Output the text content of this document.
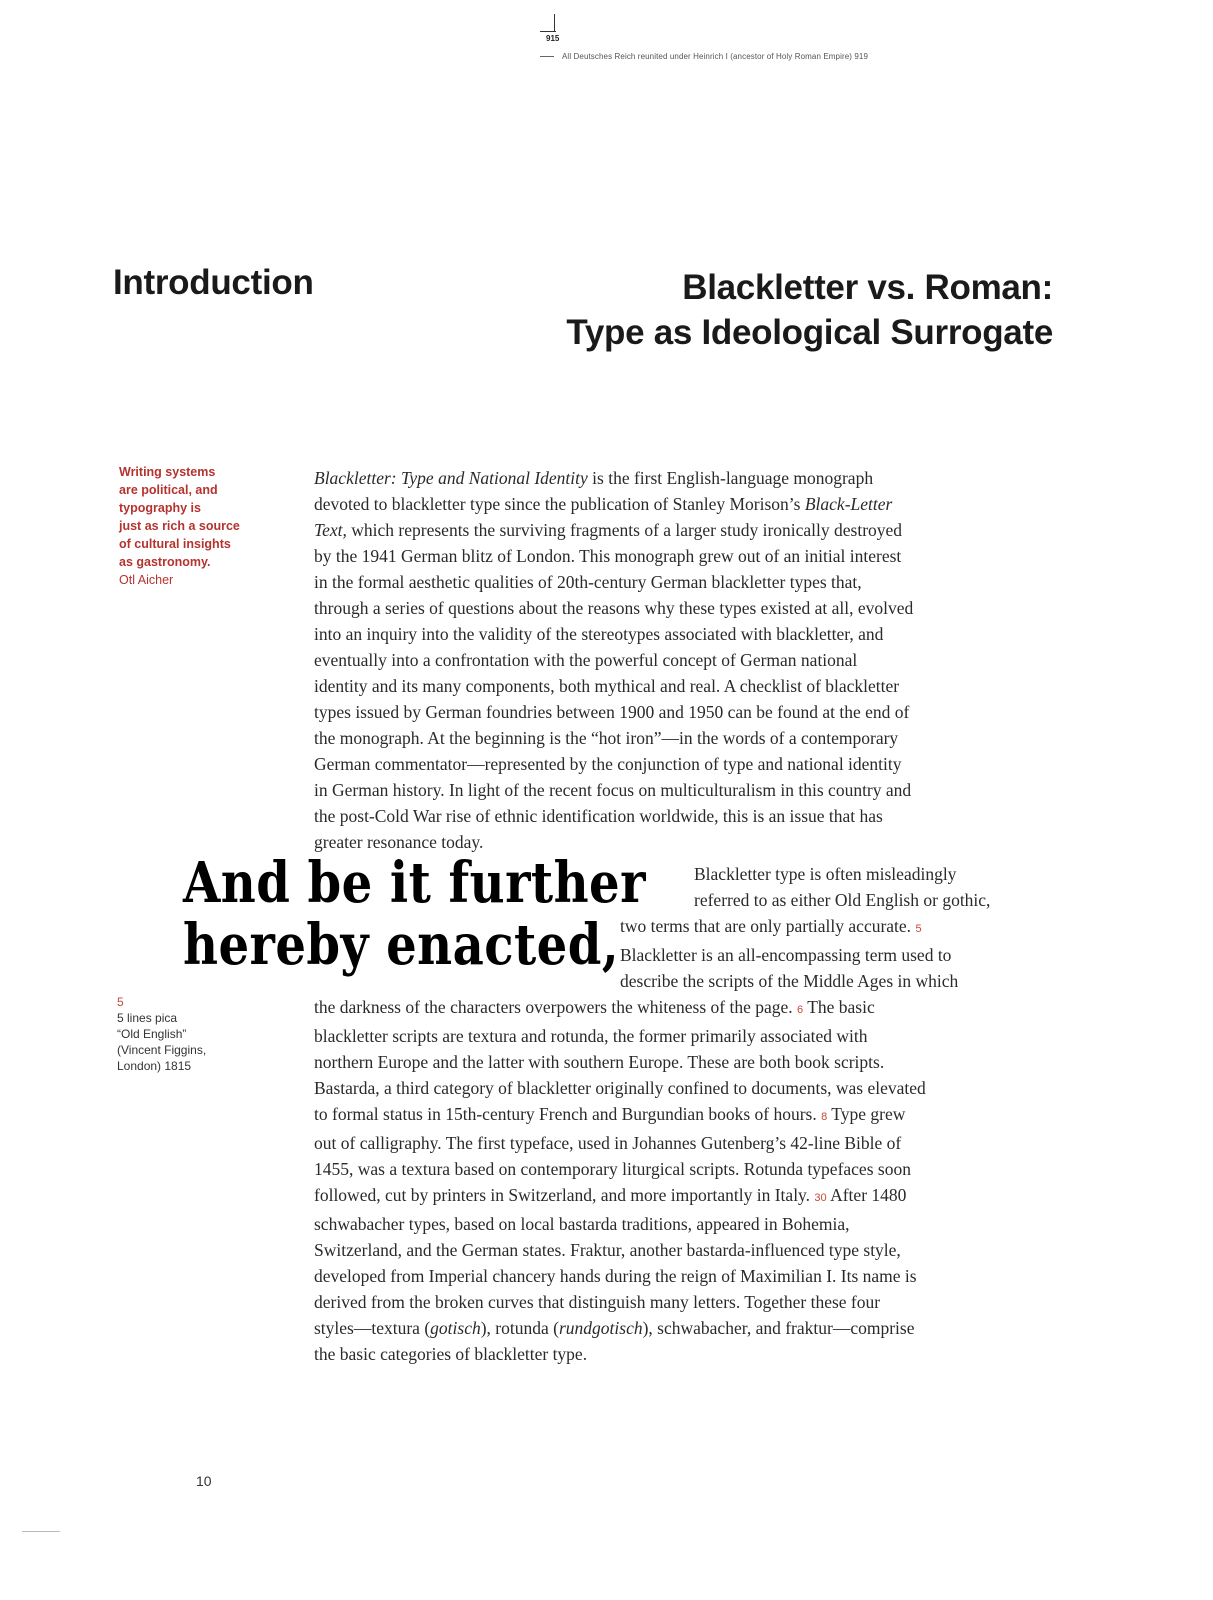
915
All Deutsches Reich reunited under Heinrich I (ancestor of Holy Roman Empire) 919
Introduction	Blackletter vs. Roman:
Type as Ideological Surrogate
Writing systems
are political, and
typography is
just as rich a source
of cultural insights
as gastronomy.
Otl Aicher
Blackletter: Type and National Identity is the first English-language monograph
devoted to blackletter type since the publication of Stanley Morison’s Black-Letter
Text, which represents the surviving fragments of a larger study ironically destroyed
by the 1941 German blitz of London. This monograph grew out of an initial interest
in the formal aesthetic qualities of 20th-century German blackletter types that,
through a series of questions about the reasons why these types existed at all, evolved
into an inquiry into the validity of the stereotypes associated with blackletter, and
eventually into a confrontation with the powerful concept of German national
identity and its many components, both mythical and real. A checklist of blackletter
types issued by German foundries between 1900 and 1950 can be found at the end of
the monograph. At the beginning is the “hot iron”—in the words of a contemporary
German commentator—represented by the conjunction of type and national identity
in German history. In light of the recent focus on multiculturalism in this country and
the post-Cold War rise of ethnic identification worldwide, this is an issue that has
greater resonance today.
And be it further
hereby enacted,
5
5 lines pica
“Old English”
(Vincent Figgins,
London) 1815
Blackletter type is often misleadingly
referred to as either Old English or gothic,
two terms that are only partially accurate. 5
Blackletter is an all-encompassing term used to
describe the scripts of the Middle Ages in which
the darkness of the characters overpowers the whiteness of the page. 6 The basic
blackletter scripts are textura and rotunda, the former primarily associated with
northern Europe and the latter with southern Europe. These are both book scripts.
Bastarda, a third category of blackletter originally confined to documents, was elevated
to formal status in 15th-century French and Burgundian books of hours. 8 Type grew
out of calligraphy. The first typeface, used in Johannes Gutenberg’s 42-line Bible of
1455, was a textura based on contemporary liturgical scripts. Rotunda typefaces soon
followed, cut by printers in Switzerland, and more importantly in Italy. 30 After 1480
schwabacher types, based on local bastarda traditions, appeared in Bohemia,
Switzerland, and the German states. Fraktur, another bastarda-influenced type style,
developed from Imperial chancery hands during the reign of Maximilian I. Its name is
derived from the broken curves that distinguish many letters. Together these four
styles—textura (gotisch), rotunda (rundgotisch), schwabacher, and fraktur—comprise
the basic categories of blackletter type.
10
